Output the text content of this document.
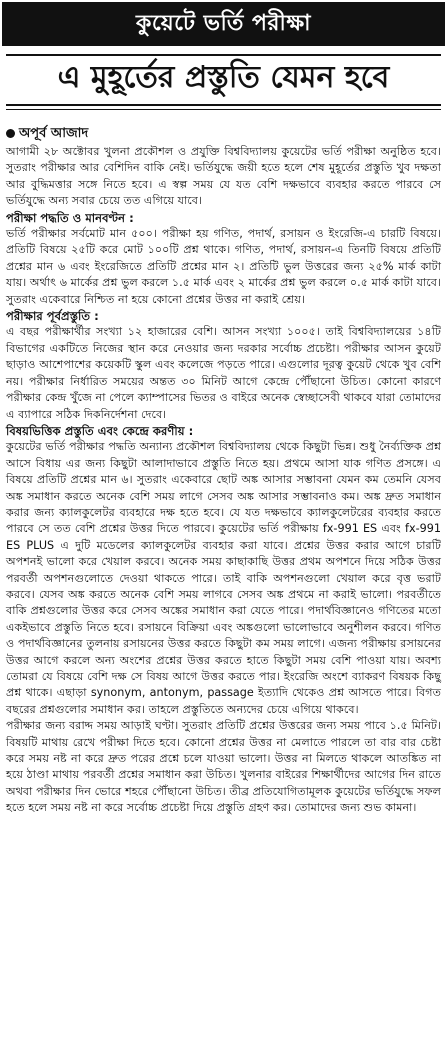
কুয়েটে ভর্তি পরীক্ষা
এ মুহূর্তের প্রস্তুতি যেমন হবে
অপূর্ব আজাদ

আগামী ২৮ অক্টোবর খুলনা প্রকৌশল ও প্রযুক্তি বিশ্ববিদ্যালয় কুয়েটের ভর্তি পরীক্ষা অনুষ্ঠিত হবে। সুতরাং পরীক্ষার আর বেশিদিন বাকি নেই। ভর্তিযুদ্ধে জয়ী হতে হলে শেষ মুহূর্তের প্রস্তুতি খুব দক্ষতা আর বুদ্ধিমত্তার সঙ্গে নিতে হবে। এ স্বল্প সময় যে যত বেশি দক্ষভাবে ব্যবহার করতে পারবে সে ভর্তিযুদ্ধে অন্য সবার চেয়ে তত এগিয়ে যাবে।

পরীক্ষা পদ্ধতি ও মানবণ্টন :

ভর্তি পরীক্ষার সর্বমোট মান ৫০০। পরীক্ষা হয় গণিত, পদার্থ, রসায়ন ও ইংরেজি-এ চারটি বিষয়ে। প্রতিটি বিষয়ে ২৫টি করে মোট ১০০টি প্রশ্ন থাকে। গণিত, পদার্থ, রসায়ন-এ তিনটি বিষয়ে প্রতিটি প্রশ্নের মান ৬ এবং ইংরেজিতে প্রতিটি প্রশ্নের মান ২। প্রতিটি ভুল উত্তরের জন্য ২৫% মার্ক কাটা যায়। অর্থাৎ ৬ মার্কের প্রশ্ন ভুল করলে ১.৫ মার্ক এবং ২ মার্কের প্রশ্ন ভুল করলে ০.৫ মার্ক কাটা যাবে। সুতরাং একেবারে নিশ্চিত না হয়ে কোনো প্রশ্নের উত্তর না করাই শ্রেয়।

পরীক্ষার পূর্বপ্রস্তুতি :

এ বছর পরীক্ষার্থীর সংখ্যা ১২ হাজারের বেশি। আসন সংখ্যা ১০০৫। তাই বিশ্ববিদ্যালয়ের ১৪টি বিভাগের একটিতে নিজের স্থান করে নেওয়ার জন্য দরকার সর্বোচ্চ প্রচেষ্টা। পরীক্ষার আসন কুয়েট ছাড়াও আশেপাশের কয়েকটি স্কুল এবং কলেজে পড়তে পারে। এগুলোর দূরত্ব কুয়েট থেকে খুব বেশি নয়। পরীক্ষার নির্ধারিত সময়ের অন্তত ৩০ মিনিট আগে কেন্দ্রে পৌঁছানো উচিত। কোনো কারণে পরীক্ষার কেন্দ্র খুঁজে না পেলে ক্যাম্পাসের ভিতর ও বাইরে অনেক স্বেচ্ছাসেবী থাকবে যারা তোমাদের এ ব্যাপারে সঠিক দিকনির্দেশনা দেবে।

বিষয়ভিত্তিক প্রস্তুতি এবং কেন্দ্রে করণীয় :

কুয়েটের ভর্তি পরীক্ষার পদ্ধতি অন্যান্য প্রকৌশল বিশ্ববিদ্যালয় থেকে কিছুটা ভিন্ন। শুধু নৈর্ব্যক্তিক প্রশ্ন আসে বিধায় এর জন্য কিছুটা আলাদাভাবে প্রস্তুতি নিতে হয়। প্রথমে আসা যাক গণিত প্রসঙ্গে। এ বিষয়ে প্রতিটি প্রশ্নের মান ৬। সুতরাং একেবারে ছোট অঙ্ক আসার সম্ভাবনা যেমন কম তেমনি যেসব অঙ্ক সমাধান করতে অনেক বেশি সময় লাগে সেসব অঙ্ক আসার সম্ভাবনাও কম। অঙ্ক দ্রুত সমাধান করার জন্য ক্যালকুলেটর ব্যবহারে দক্ষ হতে হবে। যে যত দক্ষভাবে ক্যালকুলেটরের ব্যবহার করতে পারবে সে তত বেশি প্রশ্নের উত্তর দিতে পারবে। কুয়েটের ভর্তি পরীক্ষায় fx-991 ES এবং fx-991 ES PLUS এ দুটি মডেলের ক্যালকুলেটর ব্যবহার করা যাবে। প্রশ্নের উত্তর করার আগে চারটি অপশনই ভালো করে খেয়াল করবে। অনেক সময় কাছাকাছি উত্তর প্রথম অপশনে দিয়ে সঠিক উত্তর পরবর্তী অপশনগুলোতে দেওয়া থাকতে পারে। তাই বাকি অপশনগুলো খেয়াল করে বৃত্ত ভরাট করবে। যেসব অঙ্ক করতে অনেক বেশি সময় লাগবে সেসব অঙ্ক প্রথমে না করাই ভালো। পরবর্তীতে বাকি প্রশ্নগুলোর উত্তর করে সেসব অঙ্কের সমাধান করা যেতে পারে। পদার্থবিজ্ঞানেও গণিতের মতো একইভাবে প্রস্তুতি নিতে হবে। রসায়নে বিক্রিয়া এবং অঙ্কগুলো ভালোভাবে অনুশীলন করবে। গণিত ও পদার্থবিজ্ঞানের তুলনায় রসায়নের উত্তর করতে কিছুটা কম সময় লাগে। এজন্য পরীক্ষায় রসায়নের উত্তর আগে করলে অন্য অংশের প্রশ্নের উত্তর করতে হাতে কিছুটা সময় বেশি পাওয়া যায়। অবশ্য তোমরা যে বিষয়ে বেশি দক্ষ সে বিষয় আগে উত্তর করতে পার। ইংরেজি অংশে ব্যাকরণ বিষয়ক কিছু প্রশ্ন থাকে। এছাড়া synonym, antonym, passage ইত্যাদি থেকেও প্রশ্ন আসতে পারে। বিগত বছরের প্রশ্নগুলোর সমাধান কর। তাহলে প্রস্তুতিতে অন্যদের চেয়ে এগিয়ে থাকবে।

পরীক্ষার জন্য বরাদ্দ সময় আড়াই ঘণ্টা। সুতরাং প্রতিটি প্রশ্নের উত্তরের জন্য সময় পাবে ১.৫ মিনিট। বিষয়টি মাথায় রেখে পরীক্ষা দিতে হবে। কোনো প্রশ্নের উত্তর না মেলাতে পারলে তা বার বার চেষ্টা করে সময় নষ্ট না করে দ্রুত পরের প্রশ্নে চলে যাওয়া ভালো। উত্তর না মিলতে থাকলে আতঙ্কিত না হয়ে ঠাণ্ডা মাথায় পরবর্তী প্রশ্নের সমাধান করা উচিত। খুলনার বাইরের শিক্ষার্থীদের আগের দিন রাতে অথবা পরীক্ষার দিন ভোরে শহরে পৌঁছানো উচিত। তীব্র প্রতিযোগিতামূলক কুয়েটের ভর্তিযুদ্ধে সফল হতে হলে সময় নষ্ট না করে সর্বোচ্চ প্রচেষ্টা দিয়ে প্রস্তুতি গ্রহণ কর। তোমাদের জন্য শুভ কামনা।
